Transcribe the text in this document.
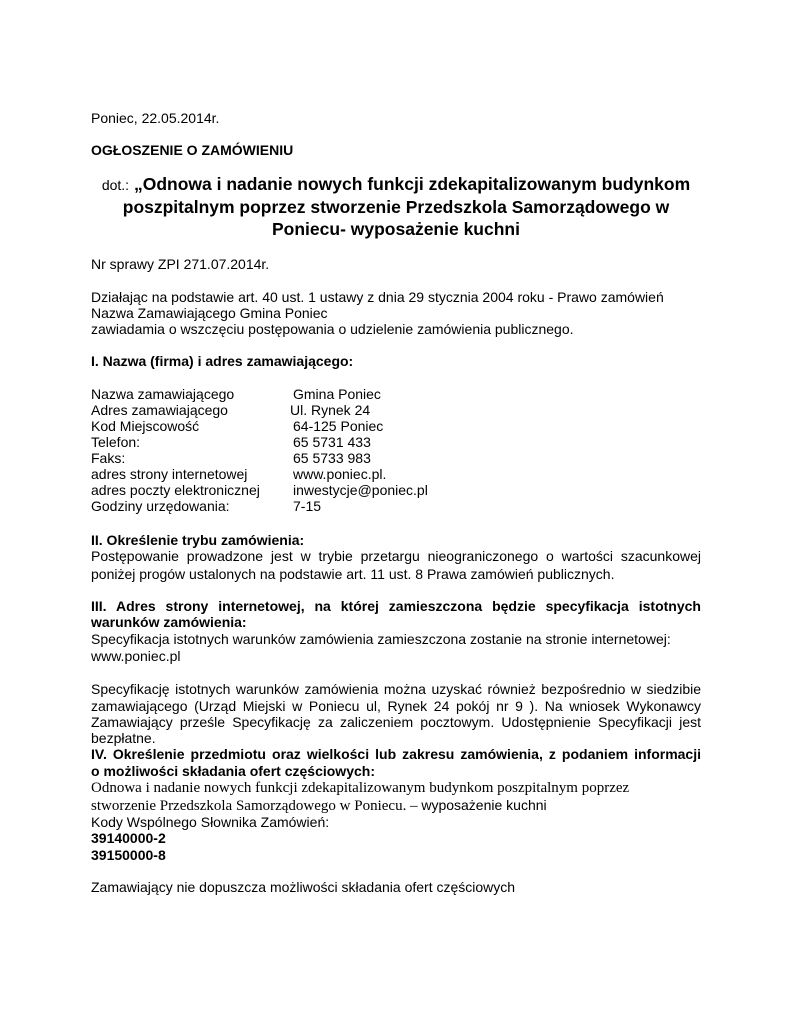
Poniec, 22.05.2014r.
OGŁOSZENIE O ZAMÓWIENIU
dot.: „Odnowa i nadanie nowych funkcji zdekapitalizowanym budynkom
poszpitalnym poprzez stworzenie Przedszkola Samorządowego w
Poniecu- wyposażenie kuchni
Nr sprawy ZPI 271.07.2014r.
Działając na podstawie art. 40 ust. 1 ustawy z dnia 29 stycznia 2004 roku - Prawo zamówień
Nazwa Zamawiającego Gmina Poniec
zawiadamia o wszczęciu postępowania o udzielenie zamówienia publicznego.
I. Nazwa (firma) i adres zamawiającego:
Nazwa zamawiającego	Gmina Poniec
Adres zamawiającego	Ul. Rynek 24
Kod Miejscowość	64-125 Poniec
Telefon:	65 5731 433
Faks:	65 5733 983
adres strony internetowej	www.poniec.pl.
adres poczty elektronicznej inwestycje@poniec.pl
Godziny urzędowania:	7-15
II. Określenie trybu zamówienia:
Postępowanie prowadzone jest w trybie przetargu nieograniczonego o wartości szacunkowej
poniżej progów ustalonych na podstawie art. 11 ust. 8 Prawa zamówień publicznych.
III. Adres strony internetowej, na której zamieszczona będzie specyfikacja istotnych
warunków zamówienia:
Specyfikacja istotnych warunków zamówienia zamieszczona zostanie na stronie internetowej:
www.poniec.pl
Specyfikację istotnych warunków zamówienia można uzyskać również bezpośrednio w siedzibie
zamawiającego (Urząd Miejski w Poniecu ul, Rynek 24 pokój nr 9 ). Na wniosek Wykonawcy
Zamawiający prześle Specyfikację za zaliczeniem pocztowym. Udostępnienie Specyfikacji jest
bezpłatne.
IV. Określenie przedmiotu oraz wielkości lub zakresu zamówienia, z podaniem informacji
o możliwości składania ofert częściowych:
Odnowa i nadanie nowych funkcji zdekapitalizowanym budynkom poszpitalnym poprzez
stworzenie Przedszkola Samorządowego w Poniecu. – wyposażenie kuchni
Kody Wspólnego Słownika Zamówień:
39140000-2
39150000-8
Zamawiający nie dopuszcza możliwości składania ofert częściowych
